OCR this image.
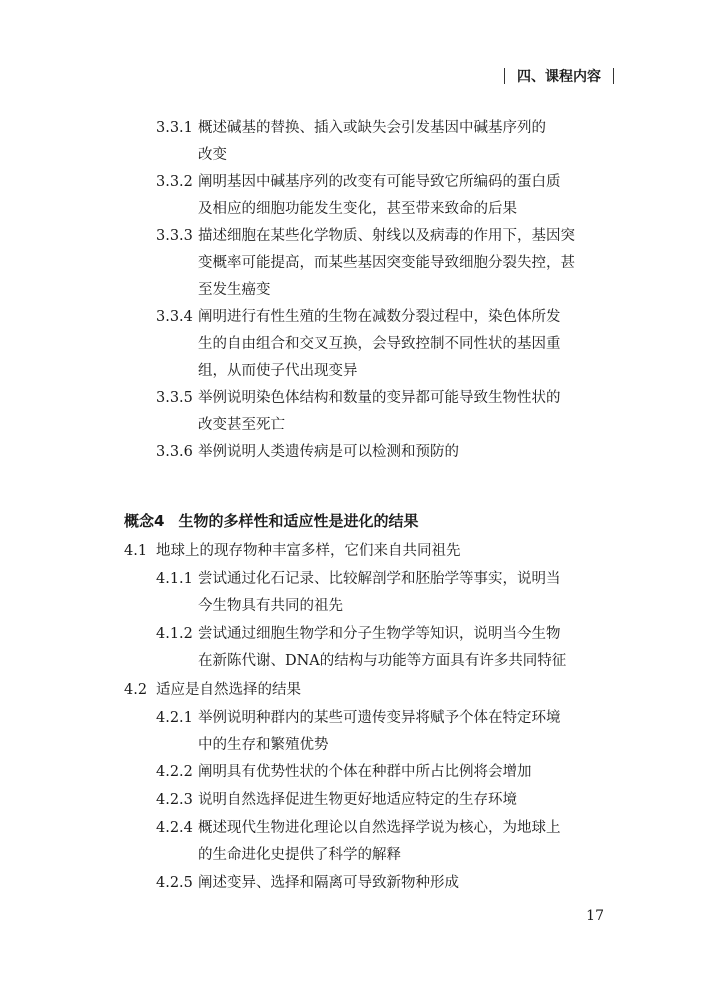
四、课程内容
3.3.1 概述碱基的替换、插入或缺失会引发基因中碱基序列的
改变
3.3.2 阐明基因中碱基序列的改变有可能导致它所编码的蛋白质
及相应的细胞功能发生变化，甚至带来致命的后果
3.3.3 描述细胞在某些化学物质、射线以及病毒的作用下，基因突
变概率可能提高，而某些基因突变能导致细胞分裂失控，甚
至发生癌变
3.3.4 阐明进行有性生殖的生物在减数分裂过程中，染色体所发
生的自由组合和交叉互换，会导致控制不同性状的基因重
组，从而使子代出现变异
3.3.5 举例说明染色体结构和数量的变异都可能导致生物性状的
改变甚至死亡
3.3.6 举例说明人类遗传病是可以检测和预防的
概念4 生物的多样性和适应性是进化的结果
4.1 地球上的现存物种丰富多样，它们来自共同祖先
4.1.1 尝试通过化石记录、比较解剖学和胚胎学等事实，说明当
今生物具有共同的祖先
4.1.2 尝试通过细胞生物学和分子生物学等知识，说明当今生物
在新陈代谢、DNA的结构与功能等方面具有许多共同特征
4.2 适应是自然选择的结果
4.2.1 举例说明种群内的某些可遗传变异将赋予个体在特定环境
中的生存和繁殖优势
4.2.2 阐明具有优势性状的个体在种群中所占比例将会增加
4.2.3 说明自然选择促进生物更好地适应特定的生存环境
4.2.4 概述现代生物进化理论以自然选择学说为核心，为地球上
的生命进化史提供了科学的解释
4.2.5 阐述变异、选择和隔离可导致新物种形成
17
